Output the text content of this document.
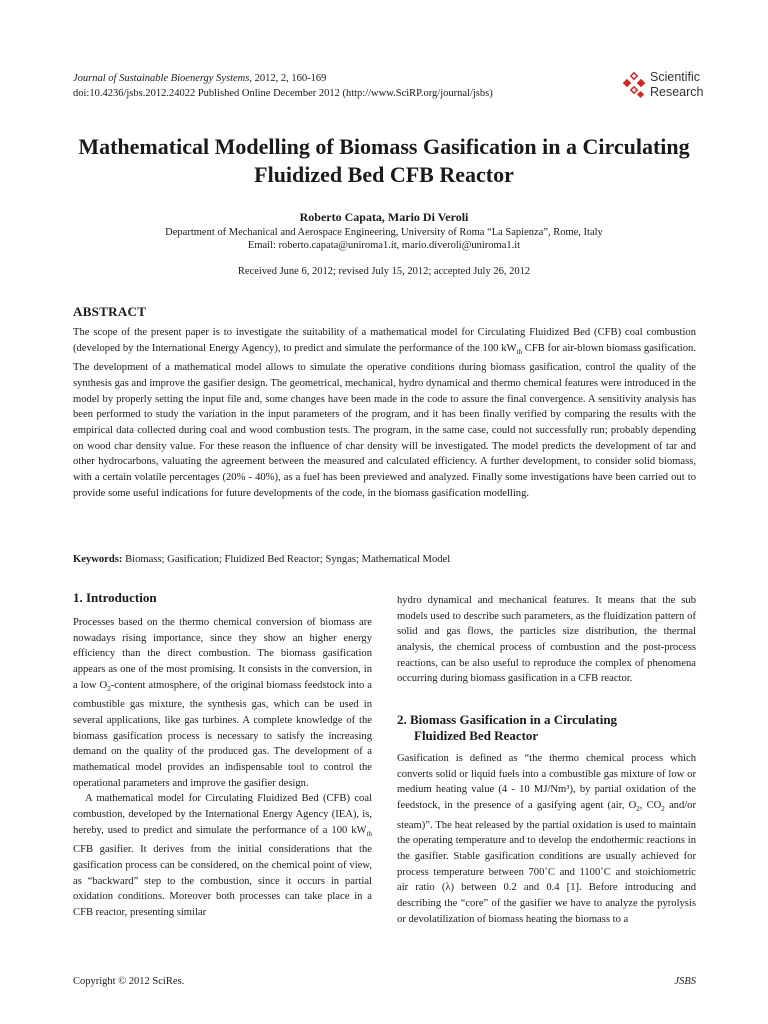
Journal of Sustainable Bioenergy Systems, 2012, 2, 160-169
doi:10.4236/jsbs.2012.24022 Published Online December 2012 (http://www.SciRP.org/journal/jsbs)
Scientific
Research
Mathematical Modelling of Biomass Gasification in a Circulating Fluidized Bed CFB Reactor
Roberto Capata, Mario Di Veroli
Department of Mechanical and Aerospace Engineering, University of Roma “La Sapienza”, Rome, Italy
Email: roberto.capata@uniroma1.it, mario.diveroli@uniroma1.it
Received June 6, 2012; revised July 15, 2012; accepted July 26, 2012
ABSTRACT

The scope of the present paper is to investigate the suitability of a mathematical model for Circulating Fluidized Bed (CFB) coal combustion (developed by the International Energy Agency), to predict and simulate the performance of the 100 $kW_{th}$ CFB for air-blown biomass gasification. The development of a mathematical model allows to simulate the operative conditions during biomass gasification, control the quality of the synthesis gas and improve the gasifier design. The geometrical, mechanical, hydro dynamical and thermo chemical features were introduced in the model by properly setting the input file and, some changes have been made in the code to assure the final convergence. A sensitivity analysis has been performed to study the variation in the input parameters of the program, and it has been finally verified by comparing the results with the empirical data collected during coal and wood combustion tests. The program, in the same case, could not successfully run; probably depending on wood char density value. For these reason the influence of char density will be investigated. The model predicts the development of tar and other hydrocarbons, valuating the agreement between the measured and calculated efficiency. A further development, to consider solid biomass, with a certain volatile percentages (20% - 40%), as a fuel has been previewed and analyzed. Finally some investigations have been carried out to provide some useful indications for future developments of the code, in the biomass gasification modelling.

Keywords: Biomass; Gasification; Fluidized Bed Reactor; Syngas; Mathematical Model
1. Introduction

Processes based on the thermo chemical conversion of biomass are nowadays rising importance, since they show an higher energy efficiency than the direct combustion. The biomass gasification appears as one of the most promising. It consists in the conversion, in a low $O_2$-content atmosphere, of the original biomass feedstock into a combustible gas mixture, the synthesis gas, which can be used in several applications, like gas turbines. A complete knowledge of the biomass gasification process is necessary to satisfy the increasing demand on the quality of the produced gas. The development of a mathematical model provides an indispensable tool to control the operational parameters and improve the gasifier design.

A mathematical model for Circulating Fluidized Bed (CFB) coal combustion, developed by the International Energy Agency (IEA), is, hereby, used to predict and simulate the performance of a 100 $kW_{th}$ CFB gasifier. It derives from the initial considerations that the gasification process can be considered, on the chemical point of view, as “backward” step to the combustion, since it occurs in partial oxidation conditions. Moreover both processes can take place in a CFB reactor, presenting similar

hydro dynamical and mechanical features. It means that the sub models used to describe such parameters, as the fluidization pattern of solid and gas flows, the particles size distribution, the thermal analysis, the chemical process of combustion and the post-process reactions, can be also useful to reproduce the complex of phenomena occurring during biomass gasification in a CFB reactor.

2. Biomass Gasification in a Circulating
Fluidized Bed Reactor

Gasification is defined as “the thermo chemical process which converts solid or liquid fuels into a combustible gas mixture of low or medium heating value (4 - 10 MJ/Nm³), by partial oxidation of the feedstock, in the presence of a gasifying agent (air, $O_2$, $CO_2$ and/or steam)”. The heat released by the partial oxidation is used to maintain the operating temperature and to develop the endothermic reactions in the gasifier. Stable gasification conditions are usually achieved for process temperature between 700˚C and 1100˚C and stoichiometric air ratio (λ) between 0.2 and 0.4 [1]. Before introducing and describing the “core” of the gasifier we have to analyze the pyrolysis or devolatilization of biomass heating the biomass to a

Copyright © 2012 SciRes.	JSBS
